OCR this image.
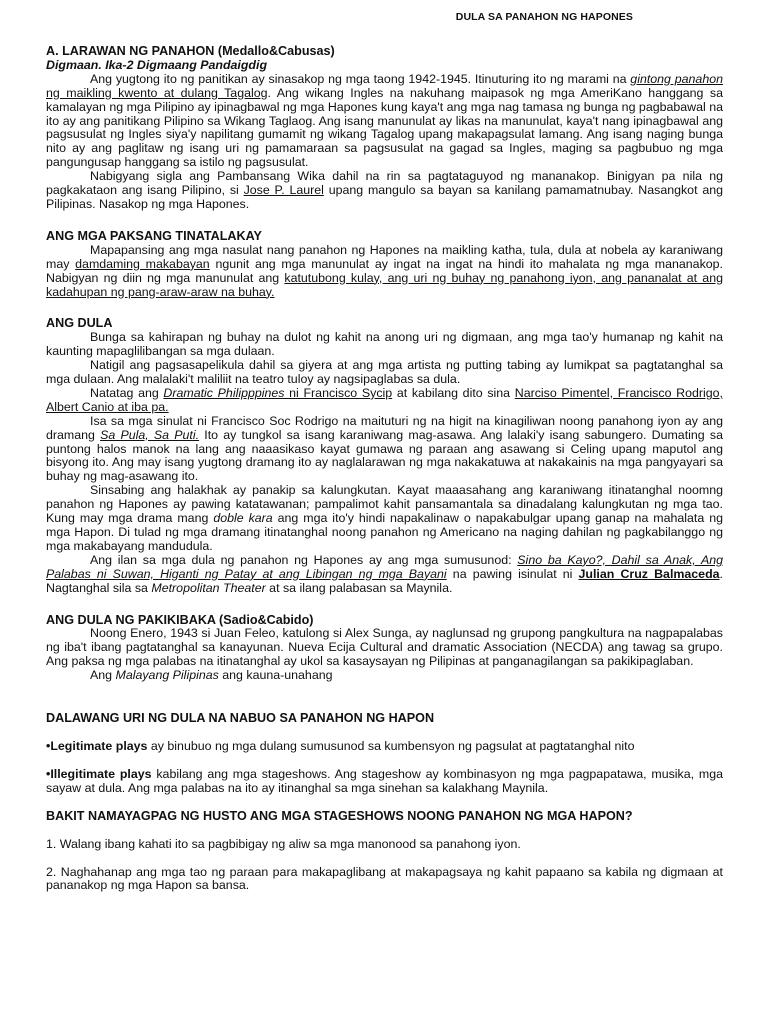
DULA SA PANAHON NG HAPONES

A. LARAWAN NG PANAHON (Medallo&Cabusas)

Digmaan. Ika-2 Digmaang Pandaigdig

Ang yugtong ito ng panitikan ay sinasakop ng mga taong 1942-1945. Itinuturing ito ng marami na gintong panahon ng maikling kwento at dulang Tagalog. Ang wikang Ingles na nakuhang maipasok ng mga AmeriKano hanggang sa kamalayan ng mga Pilipino ay ipinagbawal ng mga Hapones kung kaya't ang mga nag tamasa ng bunga ng pagbabawal na ito ay ang panitikang Pilipino sa Wikang Taglaog. Ang isang manunulat ay likas na manunulat, kaya't nang ipinagbawal ang pagsusulat ng Ingles siya'y napilitang gumamit ng wikang Tagalog upang makapagsulat lamang. Ang isang naging bunga nito ay ang paglitaw ng isang uri ng pamamaraan sa pagsusulat na gagad sa Ingles, maging sa pagbubuo ng mga pangungusap hanggang sa istilo ng pagsusulat.

Nabigyang sigla ang Pambansang Wika dahil na rin sa pagtataguyod ng mananakop. Binigyan pa nila ng pagkakataon ang isang Pilipino, si Jose P. Laurel upang mangulo sa bayan sa kanilang pamamatnubay. Nasangkot ang Pilipinas. Nasakop ng mga Hapones.

ANG MGA PAKSANG TINATALAKAY

Mapapansing ang mga nasulat nang panahon ng Hapones na maikling katha, tula, dula at nobela ay karaniwang may damdaming makabayan ngunit ang mga manunulat ay ingat na ingat na hindi ito mahalata ng mga mananakop. Nabigyan ng diin ng mga manunulat ang katutubong kulay, ang uri ng buhay ng panahong iyon, ang pananalat at ang kadahupan ng pang-araw-araw na buhay.

ANG DULA

Bunga sa kahirapan ng buhay na dulot ng kahit na anong uri ng digmaan, ang mga tao'y humanap ng kahit na kaunting mapaglilibangan sa mga dulaan.

Natigil ang pagsasapelikula dahil sa giyera at ang mga artista ng putting tabing ay lumikpat sa pagtatanghal sa mga dulaan. Ang malalaki't maliliit na teatro tuloy ay nagsipaglabas sa dula.

Natatag ang Dramatic Philipppines ni Francisco Sycip at kabilang dito sina Narciso Pimentel, Francisco Rodrigo, Albert Canio at iba pa.

Isa sa mga sinulat ni Francisco Soc Rodrigo na maituturi ng na higit na kinagiliwan noong panahong iyon ay ang dramang Sa Pula, Sa Puti. Ito ay tungkol sa isang karaniwang mag-asawa. Ang lalaki'y isang sabungero. Dumating sa puntong halos manok na lang ang naaasikaso kayat gumawa ng paraan ang asawang si Celing upang maputol ang bisyong ito. Ang may isang yugtong dramang ito ay naglalarawan ng mga nakakatuwa at nakakainis na mga pangyayari sa buhay ng mag-asawang ito.

Sinsabing ang halakhak ay panakip sa kalungkutan. Kayat maaasahang ang karaniwang itinatanghal noomng panahon ng Hapones ay pawing katatawanan; pampalimot kahit pansamantala sa dinadalang kalungkutan ng mga tao. Kung may mga drama mang doble kara ang mga ito'y hindi napakalinaw o napakabulgar upang ganap na mahalata ng mga Hapon. Di tulad ng mga dramang itinatanghal noong panahon ng Americano na naging dahilan ng pagkabilanggo ng mga makabayang mandudula.

Ang ilan sa mga dula ng panahon ng Hapones ay ang mga sumusunod: Sino ba Kayo?, Dahil sa Anak, Ang Palabas ni Suwan, Higanti ng Patay at ang Libingan ng mga Bayani na pawing isinulat ni Julian Cruz Balmaceda. Nagtanghal sila sa Metropolitan Theater at sa ilang palabasan sa Maynila.

ANG DULA NG PAKIKIBAKA (Sadio&Cabido)

Noong Enero, 1943 si Juan Feleo, katulong si Alex Sunga, ay naglunsad ng grupong pangkultura na nagpapalabas ng iba't ibang pagtatanghal sa kanayunan. Nueva Ecija Cultural and dramatic Association (NECDA) ang tawag sa grupo. Ang paksa ng mga palabas na itinatanghal ay ukol sa kasaysayan ng Pilipinas at panganagilangan sa pakikipaglaban.

Ang Malayang Pilipinas ang kauna-unahang

DALAWANG URI NG DULA NA NABUO SA PANAHON NG HAPON

•Legitimate plays ay binubuo ng mga dulang sumusunod sa kumbensyon ng pagsulat at pagtatanghal nito

•Illegitimate plays kabilang ang mga stageshows. Ang stageshow ay kombinasyon ng mga pagpapatawa, musika, mga sayaw at dula. Ang mga palabas na ito ay itinanghal sa mga sinehan sa kalakhang Maynila.

BAKIT NAMAYAGPAG NG HUSTO ANG MGA STAGESHOWS NOONG PANAHON NG MGA HAPON?

1. Walang ibang kahati ito sa pagbibigay ng aliw sa mga manonood sa panahong iyon.

2. Naghahanap ang mga tao ng paraan para makapaglibang at makapagsaya ng kahit papaano sa kabila ng digmaan at pananakop ng mga Hapon sa bansa.
